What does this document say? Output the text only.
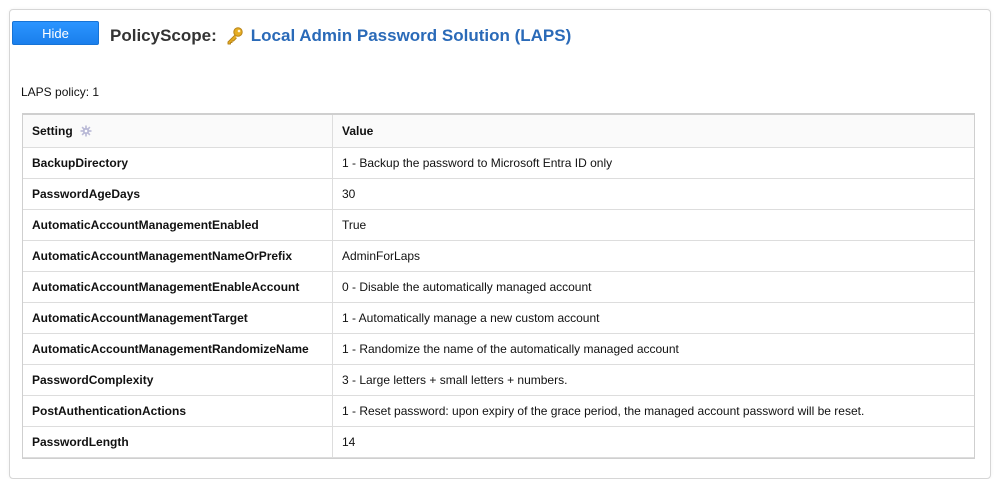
Hide	PolicyScope: Local Admin Password Solution (LAPS)
LAPS policy: 1
Setting	Value
BackupDirectory	1 - Backup the password to Microsoft Entra ID only
PasswordAgeDays	30
AutomaticAccountManagementEnabled	True
AutomaticAccountManagementNameOrPrefix	AdminForLaps
AutomaticAccountManagementEnableAccount	0 - Disable the automatically managed account
AutomaticAccountManagementTarget	1 - Automatically manage a new custom account
AutomaticAccountManagementRandomizeName	1 - Randomize the name of the automatically managed account
PasswordComplexity	3 - Large letters + small letters + numbers.
PostAuthenticationActions	1 - Reset password: upon expiry of the grace period, the managed account password will be reset.
PasswordLength	14
